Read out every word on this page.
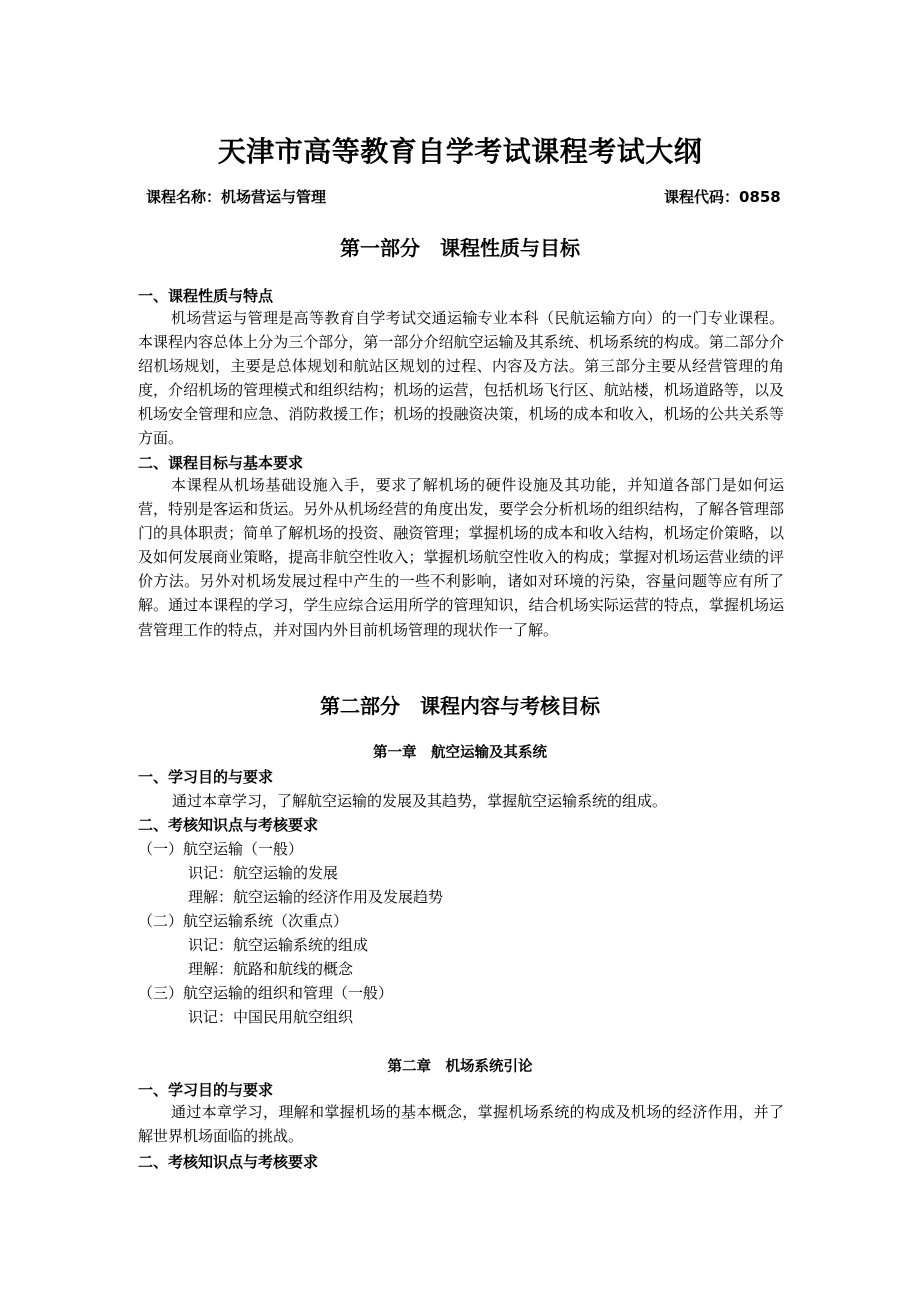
天津市高等教育自学考试课程考试大纲
课程名称：机场营运与管理	课程代码：0858
第一部分　课程性质与目标
一、课程性质与特点

机场营运与管理是高等教育自学考试交通运输专业本科（民航运输方向）的一门专业课程。本课程内容总体上分为三个部分，第一部分介绍航空运输及其系统、机场系统的构成。第二部分介绍机场规划，主要是总体规划和航站区规划的过程、内容及方法。第三部分主要从经营管理的角度，介绍机场的管理模式和组织结构；机场的运营，包括机场飞行区、航站楼，机场道路等，以及机场安全管理和应急、消防救援工作；机场的投融资决策，机场的成本和收入，机场的公共关系等方面。

二、课程目标与基本要求

本课程从机场基础设施入手，要求了解机场的硬件设施及其功能，并知道各部门是如何运营，特别是客运和货运。另外从机场经营的角度出发，要学会分析机场的组织结构，了解各管理部门的具体职责；简单了解机场的投资、融资管理；掌握机场的成本和收入结构，机场定价策略，以及如何发展商业策略，提高非航空性收入；掌握机场航空性收入的构成；掌握对机场运营业绩的评价方法。另外对机场发展过程中产生的一些不利影响，诸如对环境的污染，容量问题等应有所了解。通过本课程的学习，学生应综合运用所学的管理知识，结合机场实际运营的特点，掌握机场运营管理工作的特点，并对国内外目前机场管理的现状作一了解。

第二部分　课程内容与考核目标
第一章　航空运输及其系统
一、学习目的与要求
通过本章学习，了解航空运输的发展及其趋势，掌握航空运输系统的组成。
二、考核知识点与考核要求
（一）航空运输（一般）
识记：航空运输的发展
理解：航空运输的经济作用及发展趋势
（二）航空运输系统（次重点）
识记：航空运输系统的组成
理解：航路和航线的概念
（三）航空运输的组织和管理（一般）
识记：中国民用航空组织
第二章　机场系统引论
一、学习目的与要求

通过本章学习，理解和掌握机场的基本概念，掌握机场系统的构成及机场的经济作用，并了解世界机场面临的挑战。

二、考核知识点与考核要求
